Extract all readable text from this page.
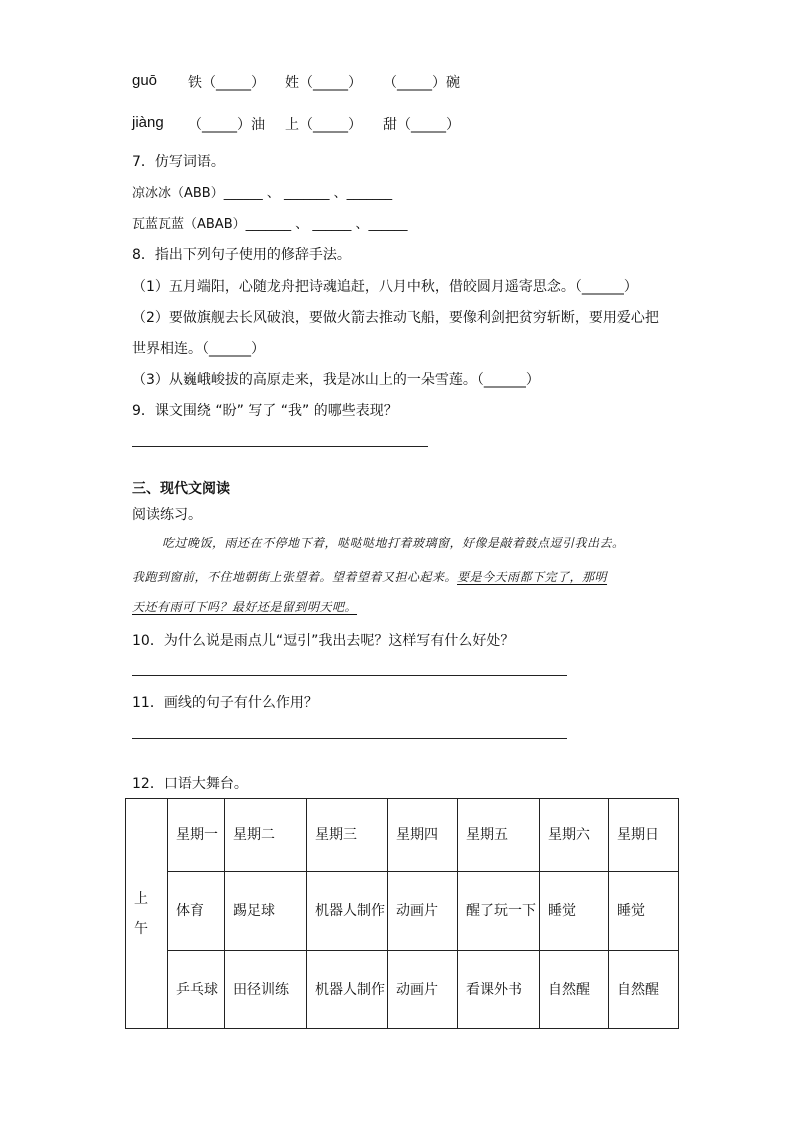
guō 铁（_____） 姓（_____） （_____）碗
jiàng （_____）油 上（_____） 甜（_____）
7．仿写词语。
凉冰冰（ABB）______ 、 _______ 、_______
瓦蓝瓦蓝（ABAB）_______ 、 ______ 、______
8．指出下列句子使用的修辞手法。
（1）五月端阳，心随龙舟把诗魂追赶，八月中秋，借皎圆月遥寄思念。（______）
（2）要做旗舰去长风破浪，要做火箭去推动飞船，要像利剑把贫穷斩断，要用爱心把
世界相连。（______）
（3）从巍峨峻拔的高原走来，我是冰山上的一朵雪莲。（______）
9．课文围绕 “盼” 写了 “我” 的哪些表现？
三、现代文阅读
阅读练习。
吃过晚饭，雨还在不停地下着，哒哒哒地打着玻璃窗，好像是敲着鼓点逗引我出去。
我跑到窗前，不住地朝街上张望着。望着望着又担心起来。要是今天雨都下完了，那明
天还有雨可下吗？最好还是留到明天吧。
10．为什么说是雨点儿“逗引”我出去呢？这样写有什么好处？
11．画线的句子有什么作用？
12．口语大舞台。
上
午	星期一	星期二	星期三	星期四	星期五	星期六	星期日
	体育	踢足球	机器人制作	动画片	醒了玩一下	睡觉	睡觉
	乒乓球	田径训练	机器人制作	动画片	看课外书	自然醒	自然醒
